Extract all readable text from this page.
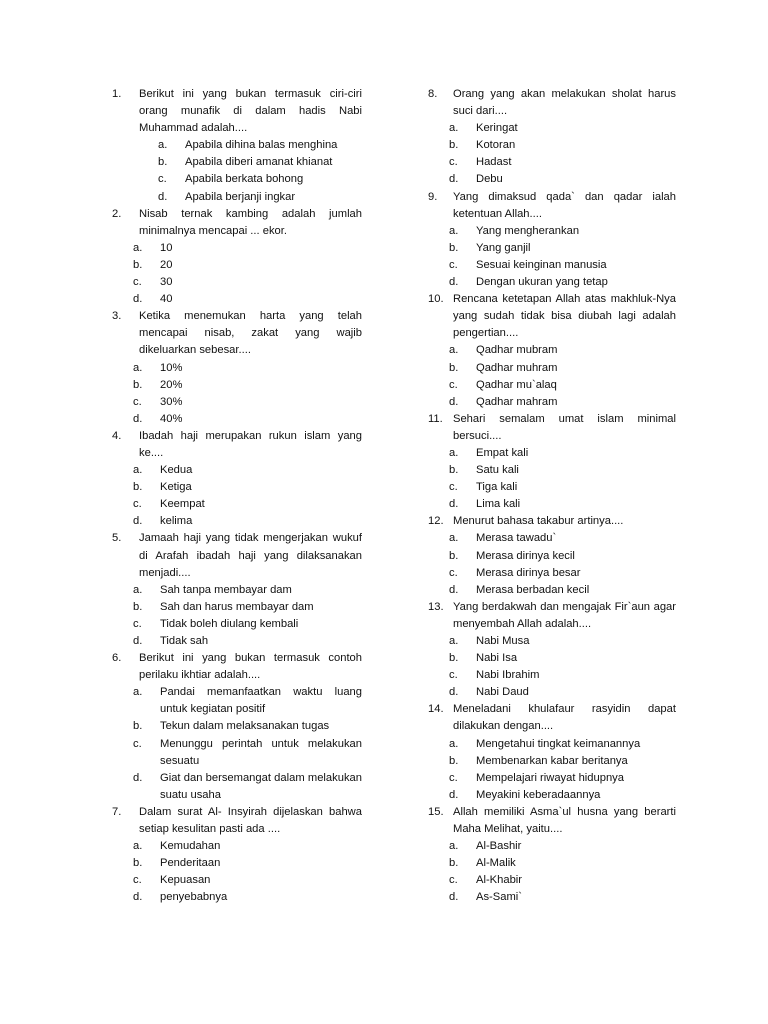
1.	Berikut ini yang bukan termasuk ciri-ciri orang munafik di dalam hadis Nabi Muhammad adalah....
a.	Apabila dihina balas menghina
b.	Apabila diberi amanat khianat
c.	Apabila berkata bohong
d.	Apabila berjanji ingkar
2.	Nisab ternak kambing adalah jumlah minimalnya mencapai ... ekor.
a.	10
b.	20
c.	30
d.	40
3.	Ketika menemukan harta yang telah mencapai nisab, zakat yang wajib dikeluarkan sebesar....
a.	10%
b.	20%
c.	30%
d.	40%
4.	Ibadah haji merupakan rukun islam yang ke....
a.	Kedua
b.	Ketiga
c.	Keempat
d.	kelima
5.	Jamaah haji yang tidak mengerjakan wukuf di Arafah ibadah haji yang dilaksanakan menjadi....
a.	Sah tanpa membayar dam
b.	Sah dan harus membayar dam
c.	Tidak boleh diulang kembali
d.	Tidak sah
6.	Berikut ini yang bukan termasuk contoh perilaku ikhtiar adalah....
a.	Pandai memanfaatkan waktu luang untuk kegiatan positif
b.	Tekun dalam melaksanakan tugas
c.	Menunggu perintah untuk melakukan sesuatu
d.	Giat dan bersemangat dalam melakukan suatu usaha
7.	Dalam surat Al- Insyirah dijelaskan bahwa setiap kesulitan pasti ada ....
a.	Kemudahan
b.	Penderitaan
c.	Kepuasan
d.	penyebabnya
8.	Orang yang akan melakukan sholat harus suci dari....
a.	Keringat
b.	Kotoran
c.	Hadast
d.	Debu
9.	Yang dimaksud qada` dan qadar ialah ketentuan Allah....
a.	Yang mengherankan
b.	Yang ganjil
c.	Sesuai keinginan manusia
d.	Dengan ukuran yang tetap
10. Rencana ketetapan Allah atas makhluk-Nya yang sudah tidak bisa diubah lagi adalah pengertian....
a.	Qadhar mubram
b.	Qadhar muhram
c.	Qadhar mu`alaq
d.	Qadhar mahram
11. Sehari semalam umat islam minimal bersuci....
a.	Empat kali
b.	Satu kali
c.	Tiga kali
d.	Lima kali
12. Menurut bahasa takabur artinya....
a.	Merasa tawadu`
b.	Merasa dirinya kecil
c.	Merasa dirinya besar
d.	Merasa berbadan kecil
13. Yang berdakwah dan mengajak Fir`aun agar menyembah Allah adalah....
a.	Nabi Musa
b.	Nabi Isa
c.	Nabi Ibrahim
d.	Nabi Daud
14. Meneladani khulafaur rasyidin dapat dilakukan dengan....
a.	Mengetahui tingkat keimanannya
b.	Membenarkan kabar beritanya
c.	Mempelajari riwayat hidupnya
d.	Meyakini keberadaannya
15. Allah memiliki Asma`ul husna yang berarti Maha Melihat, yaitu....
a.	Al-Bashir
b.	Al-Malik
c.	Al-Khabir
d.	As-Sami`
